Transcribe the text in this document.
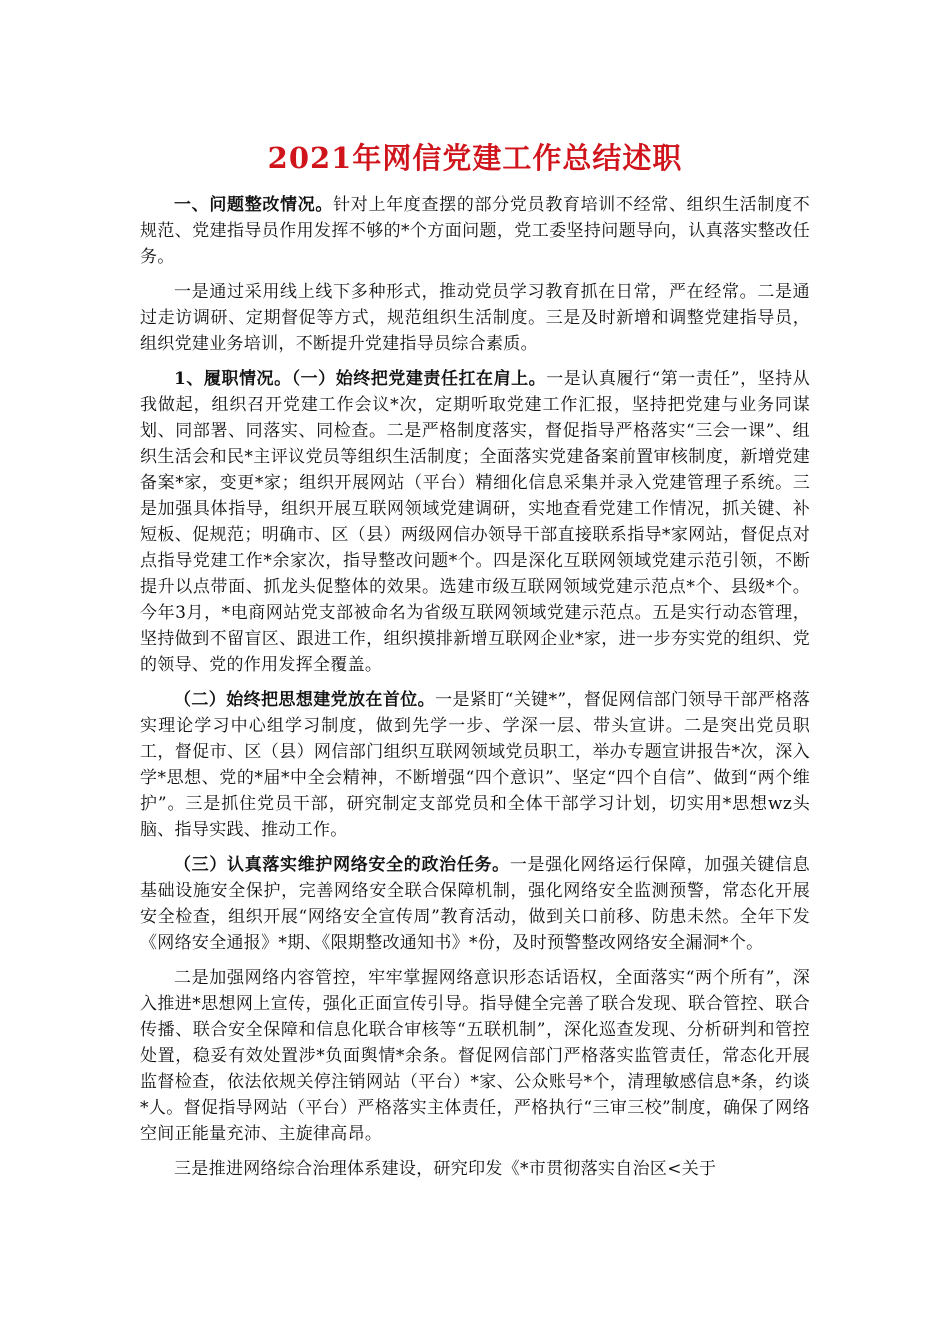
2021年网信党建工作总结述职

一、问题整改情况。针对上年度查摆的部分党员教育培训不经常、组织生活制度不规范、党建指导员作用发挥不够的*个方面问题，党工委坚持问题导向，认真落实整改任务。

一是通过采用线上线下多种形式，推动党员学习教育抓在日常，严在经常。二是通过走访调研、定期督促等方式，规范组织生活制度。三是及时新增和调整党建指导员，组织党建业务培训，不断提升党建指导员综合素质。

1、履职情况。（一）始终把党建责任扛在肩上。一是认真履行“第一责任”，坚持从我做起，组织召开党建工作会议*次，定期听取党建工作汇报，坚持把党建与业务同谋划、同部署、同落实、同检查。二是严格制度落实，督促指导严格落实“三会一课”、组织生活会和民*主评议党员等组织生活制度；全面落实党建备案前置审核制度，新增党建备案*家，变更*家；组织开展网站（平台）精细化信息采集并录入党建管理子系统。三是加强具体指导，组织开展互联网领域党建调研，实地查看党建工作情况，抓关键、补短板、促规范；明确市、区（县）两级网信办领导干部直接联系指导*家网站，督促点对点指导党建工作*余家次，指导整改问题*个。四是深化互联网领域党建示范引领，不断提升以点带面、抓龙头促整体的效果。选建市级互联网领域党建示范点*个、县级*个。今年3月，*电商网站党支部被命名为省级互联网领域党建示范点。五是实行动态管理，坚持做到不留盲区、跟进工作，组织摸排新增互联网企业*家，进一步夯实党的组织、党的领导、党的作用发挥全覆盖。

（二）始终把思想建党放在首位。一是紧盯“关键*”，督促网信部门领导干部严格落实理论学习中心组学习制度，做到先学一步、学深一层、带头宣讲。二是突出党员职工，督促市、区（县）网信部门组织互联网领域党员职工，举办专题宣讲报告*次，深入学*思想、党的*届*中全会精神，不断增强“四个意识”、坚定“四个自信”、做到“两个维护”。三是抓住党员干部，研究制定支部党员和全体干部学习计划，切实用*思想wz头脑、指导实践、推动工作。

（三）认真落实维护网络安全的政治任务。一是强化网络运行保障，加强关键信息基础设施安全保护，完善网络安全联合保障机制，强化网络安全监测预警，常态化开展安全检查，组织开展“网络安全宣传周”教育活动，做到关口前移、防患未然。全年下发《网络安全通报》*期、《限期整改通知书》*份，及时预警整改网络安全漏洞*个。

二是加强网络内容管控，牢牢掌握网络意识形态话语权，全面落实“两个所有”，深入推进*思想网上宣传，强化正面宣传引导。指导健全完善了联合发现、联合管控、联合传播、联合安全保障和信息化联合审核等“五联机制”，深化巡查发现、分析研判和管控处置，稳妥有效处置涉*负面舆情*余条。督促网信部门严格落实监管责任，常态化开展监督检查，依法依规关停注销网站（平台）*家、公众账号*个，清理敏感信息*条，约谈*人。督促指导网站（平台）严格落实主体责任，严格执行“三审三校”制度，确保了网络空间正能量充沛、主旋律高昂。

三是推进网络综合治理体系建设，研究印发《*市贯彻落实自治区<关于
